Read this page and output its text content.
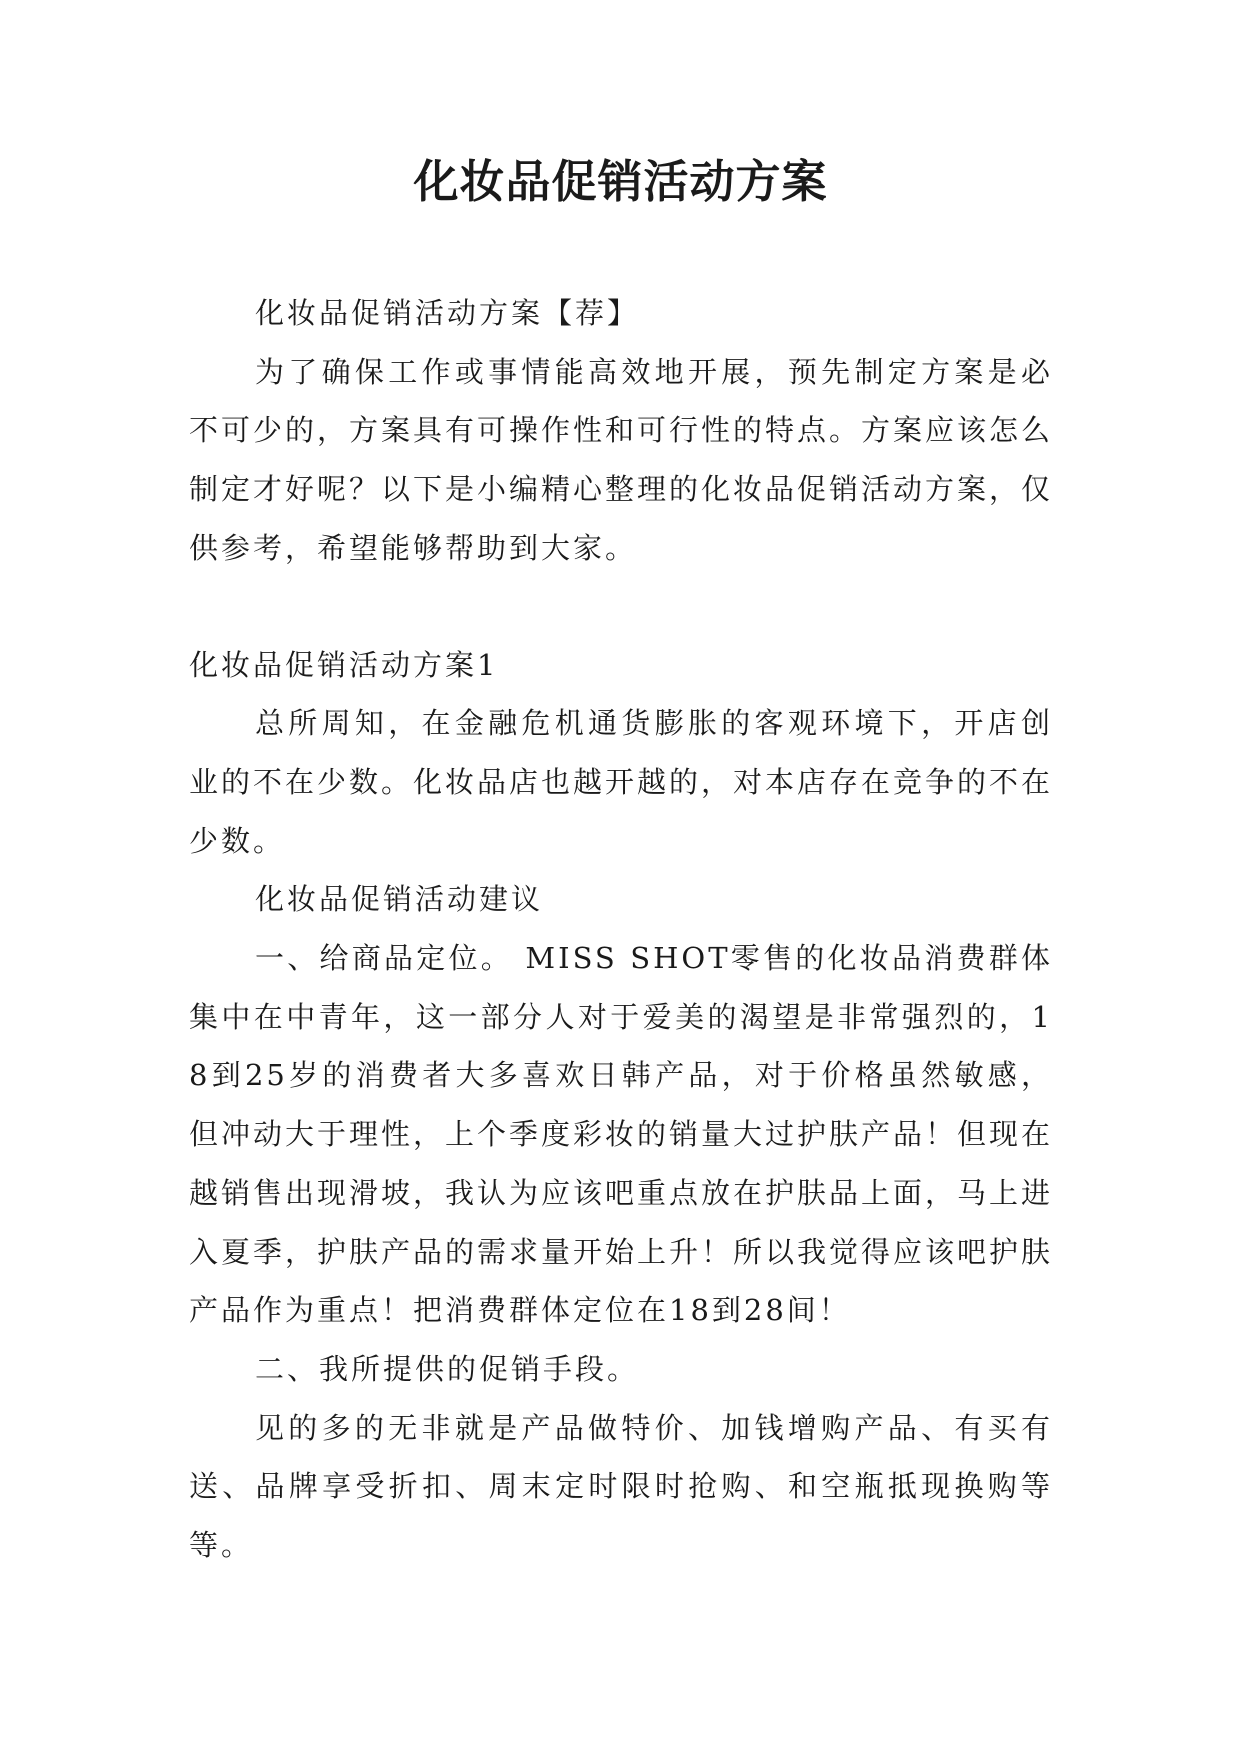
化妆品促销活动方案

化妆品促销活动方案【荐】

为了确保工作或事情能高效地开展，预先制定方案是必不可少的，方案具有可操作性和可行性的特点。方案应该怎么制定才好呢？以下是小编精心整理的化妆品促销活动方案，仅供参考，希望能够帮助到大家。

化妆品促销活动方案1

总所周知，在金融危机通货膨胀的客观环境下，开店创业的不在少数。化妆品店也越开越的，对本店存在竞争的不在少数。

化妆品促销活动建议

一、给商品定位。 MISS SHOT零售的化妆品消费群体集中在中青年，这一部分人对于爱美的渴望是非常强烈的，18到25岁的消费者大多喜欢日韩产品，对于价格虽然敏感，但冲动大于理性，上个季度彩妆的销量大过护肤产品！但现在越销售出现滑坡，我认为应该吧重点放在护肤品上面，马上进入夏季，护肤产品的需求量开始上升！所以我觉得应该吧护肤产品作为重点！把消费群体定位在18到28间！

二、我所提供的促销手段。

见的多的无非就是产品做特价、加钱增购产品、有买有送、品牌享受折扣、周末定时限时抢购、和空瓶抵现换购等等。
